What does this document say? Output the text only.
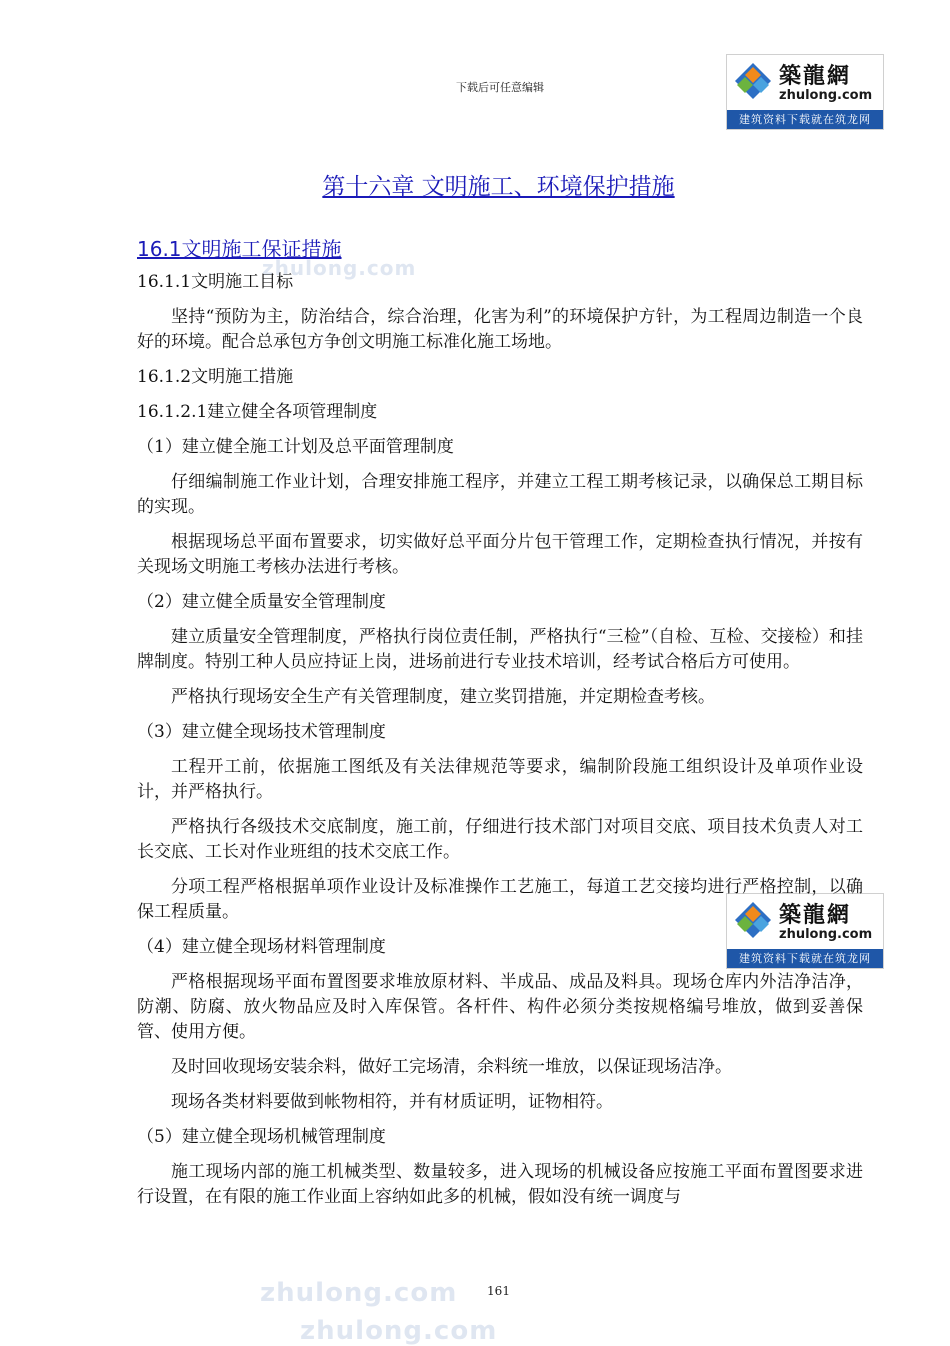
下载后可任意编辑	築龍網
zhulong.com
建筑资料下载就在筑龙网
築龍網
zhulong.com
建筑资料下载就在筑龙网
zhulong.com
zhulong.com
zhulong.com
第十六章 文明施工、环境保护措施
16.1文明施工保证措施

16.1.1文明施工目标

坚持“预防为主，防治结合，综合治理，化害为利”的环境保护方针，为工程周边制造一个良好的环境。配合总承包方争创文明施工标准化施工场地。

16.1.2文明施工措施

16.1.2.1建立健全各项管理制度

（1）建立健全施工计划及总平面管理制度

仔细编制施工作业计划，合理安排施工程序，并建立工程工期考核记录，以确保总工期目标的实现。

根据现场总平面布置要求，切实做好总平面分片包干管理工作，定期检查执行情况，并按有关现场文明施工考核办法进行考核。

（2）建立健全质量安全管理制度

建立质量安全管理制度，严格执行岗位责任制，严格执行“三检”（自检、互检、交接检）和挂牌制度。特别工种人员应持证上岗，进场前进行专业技术培训，经考试合格后方可使用。

严格执行现场安全生产有关管理制度，建立奖罚措施，并定期检查考核。

（3）建立健全现场技术管理制度

工程开工前，依据施工图纸及有关法律规范等要求，编制阶段施工组织设计及单项作业设计，并严格执行。

严格执行各级技术交底制度，施工前，仔细进行技术部门对项目交底、项目技术负责人对工长交底、工长对作业班组的技术交底工作。

分项工程严格根据单项作业设计及标准操作工艺施工，每道工艺交接均进行严格控制，以确保工程质量。

（4）建立健全现场材料管理制度

严格根据现场平面布置图要求堆放原材料、半成品、成品及料具。现场仓库内外洁净洁净，防潮、防腐、放火物品应及时入库保管。各杆件、构件必须分类按规格编号堆放，做到妥善保管、使用方便。

及时回收现场安装余料，做好工完场清，余料统一堆放，以保证现场洁净。

现场各类材料要做到帐物相符，并有材质证明，证物相符。

（5）建立健全现场机械管理制度

施工现场内部的施工机械类型、数量较多，进入现场的机械设备应按施工平面布置图要求进行设置，在有限的施工作业面上容纳如此多的机械，假如没有统一调度与

161
